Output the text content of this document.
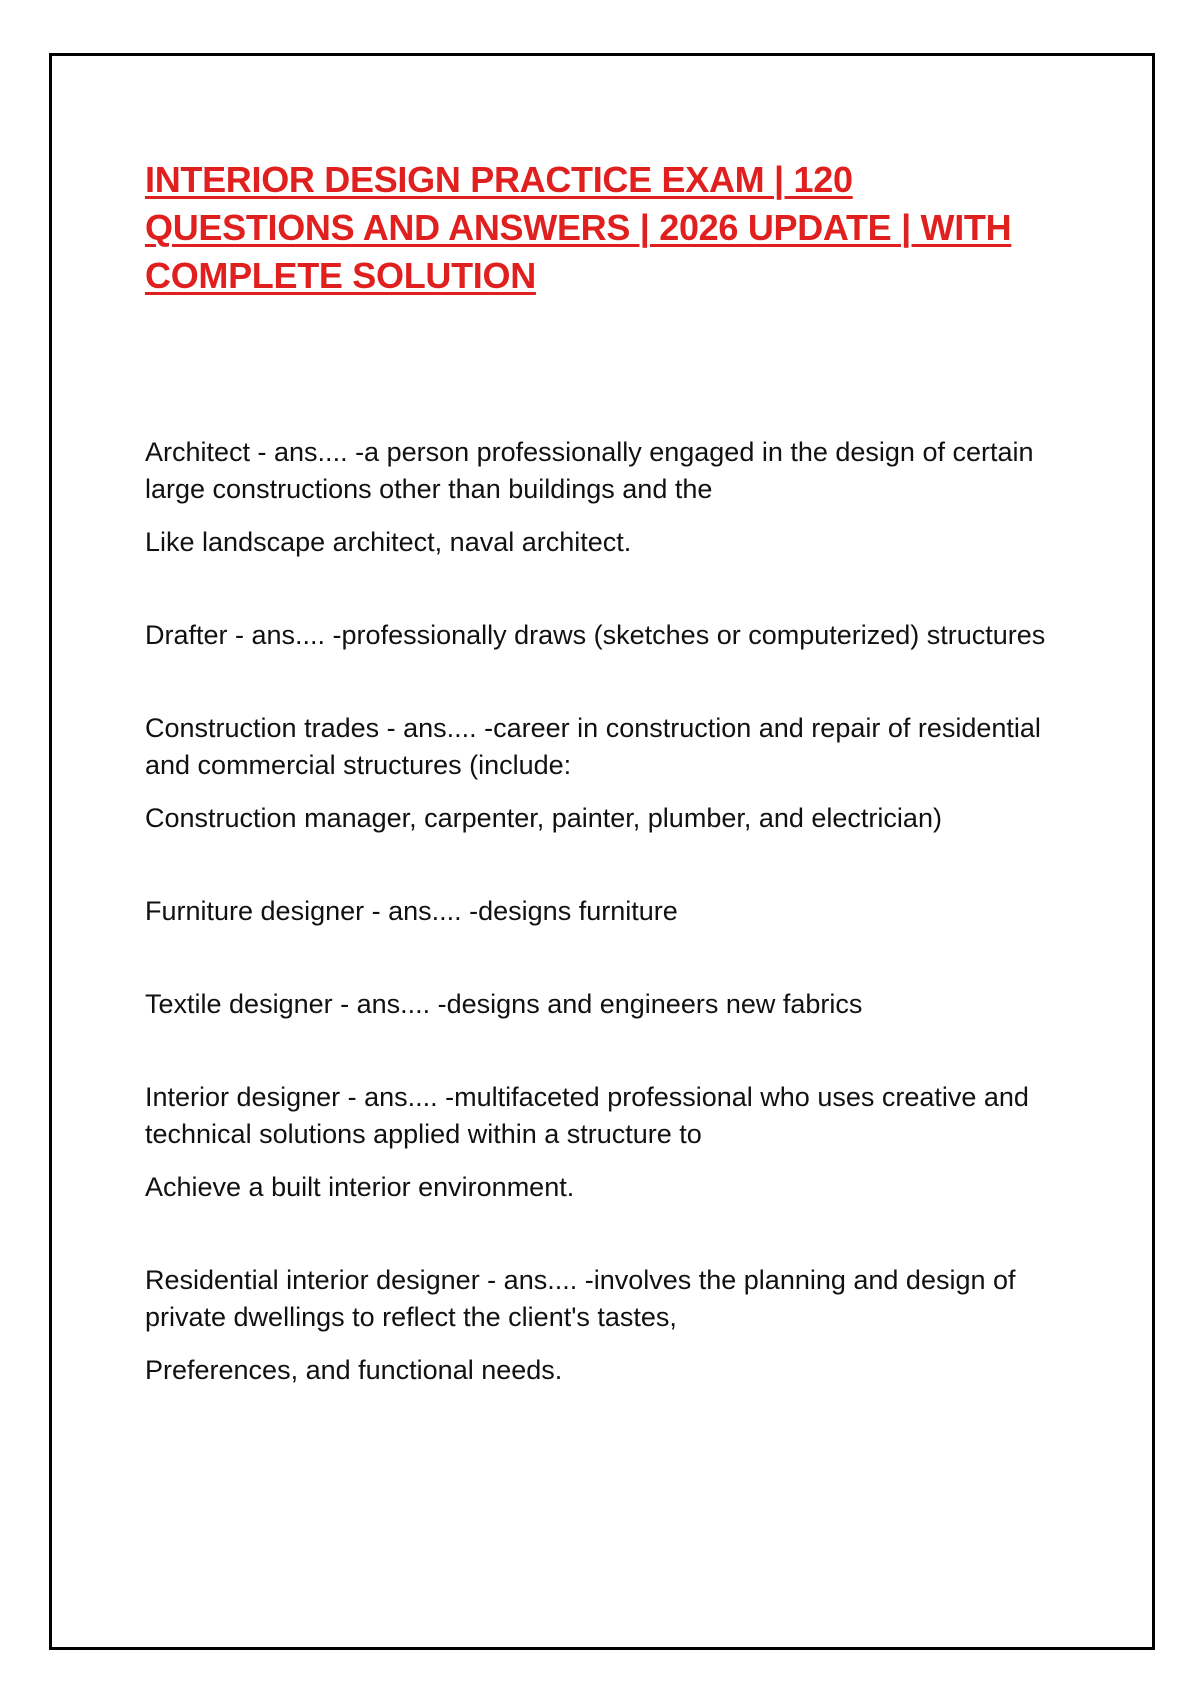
INTERIOR DESIGN PRACTICE EXAM | 120 QUESTIONS AND ANSWERS | 2026 UPDATE | WITH COMPLETE SOLUTION

Architect - ans.... -a person professionally engaged in the design of certain large constructions other than buildings and the

Like landscape architect, naval architect.

Drafter - ans.... -professionally draws (sketches or computerized) structures

Construction trades - ans.... -career in construction and repair of residential and commercial structures (include:

Construction manager, carpenter, painter, plumber, and electrician)

Furniture designer - ans.... -designs furniture

Textile designer - ans.... -designs and engineers new fabrics

Interior designer - ans.... -multifaceted professional who uses creative and technical solutions applied within a structure to

Achieve a built interior environment.

Residential interior designer - ans.... -involves the planning and design of private dwellings to reflect the client's tastes,

Preferences, and functional needs.
